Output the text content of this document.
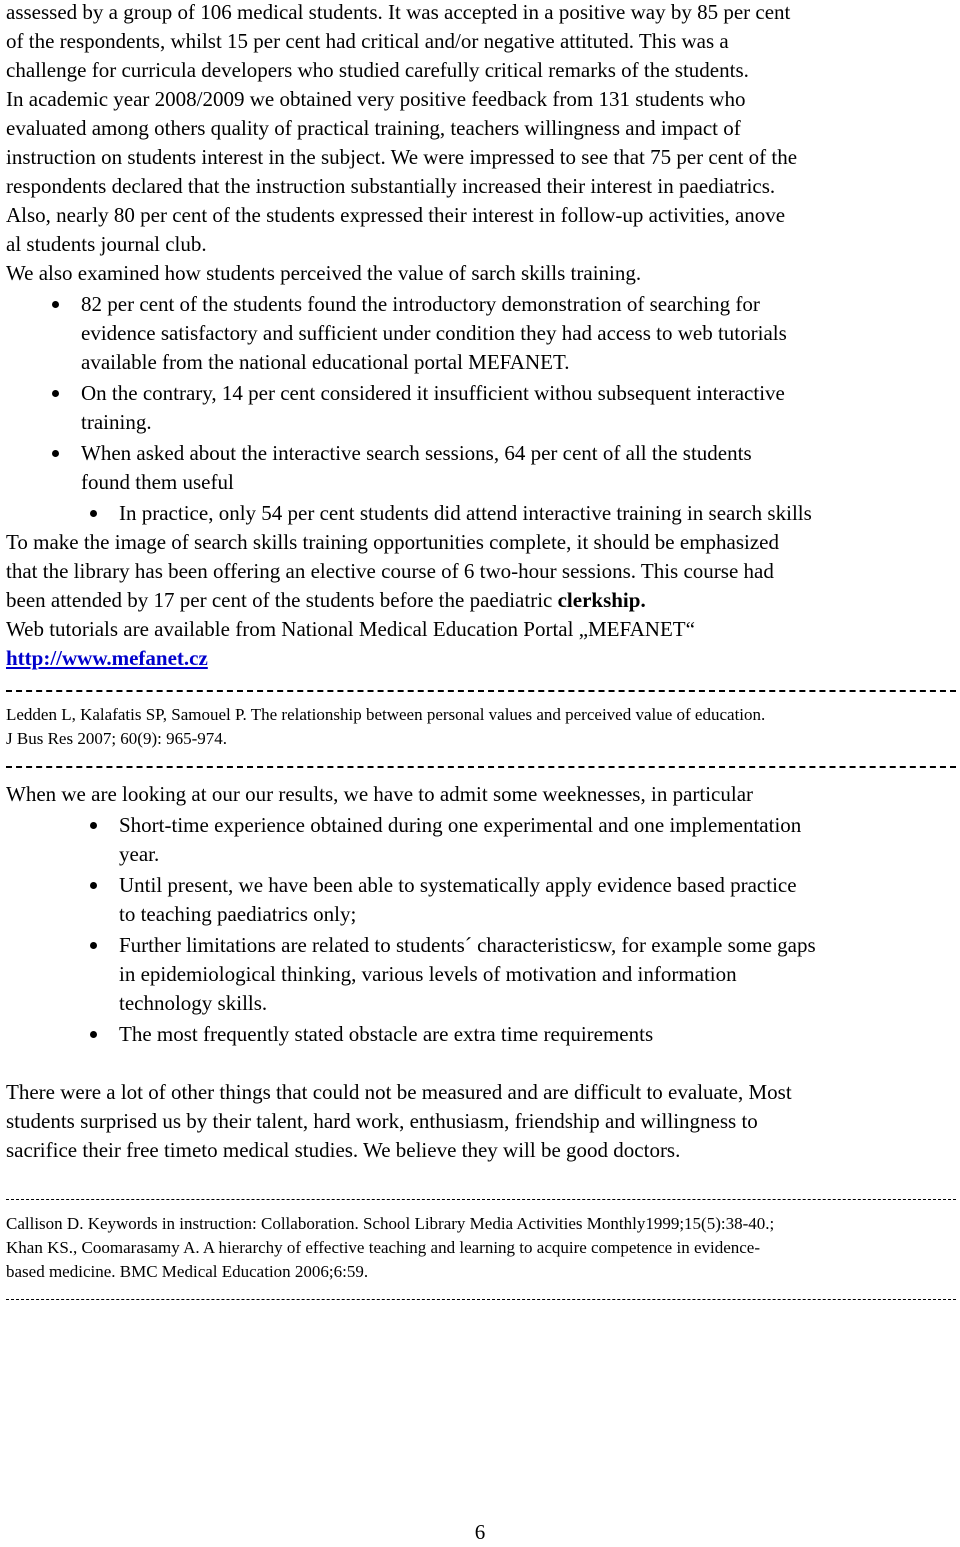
assessed by a group of 106 medical students. It was accepted in a positive way by 85 per cent
of the respondents, whilst 15 per cent had critical and/or negative attituted. This was a
challenge for curricula developers who studied carefully critical remarks of the students.
In academic year 2008/2009 we obtained very positive feedback from 131 students who
evaluated among others quality of practical training, teachers willingness and impact of
instruction on students interest in the subject. We were impressed to see that 75 per cent of the
respondents declared that the instruction substantially increased their interest in paediatrics.
Also, nearly 80 per cent of the students expressed their interest in follow-up activities, anove
al students journal club.
We also examined how students perceived the value of sarch skills training.
82 per cent of the students found the introductory demonstration of searching for
evidence satisfactory and sufficient under condition they had access to web tutorials
available from the national educational portal MEFANET.
On the contrary, 14 per cent considered it insufficient withou subsequent interactive
training.
When asked about the interactive search sessions, 64 per cent of all the students
found them useful
In practice, only 54 per cent students did attend interactive training in search skills
To make the image of search skills training opportunities complete, it should be emphasized
that the library has been offering an elective course of 6 two-hour sessions. This course had
been attended by 17 per cent of the students before the paediatric clerkship.
Web tutorials are available from National Medical Education Portal „MEFANET“
http://www.mefanet.cz
Ledden L, Kalafatis SP, Samouel P. The relationship between personal values and perceived value of education.
J Bus Res 2007; 60(9): 965-974.
When we are looking at our our results, we have to admit some weeknesses, in particular
Short-time experience obtained during one experimental and one implementation
year.
Until present, we have been able to systematically apply evidence based practice
to teaching paediatrics only;
Further limitations are related to students´ characteristicsw, for example some gaps
in epidemiological thinking, various levels of motivation and information
technology skills.
The most frequently stated obstacle are extra time requirements
There were a lot of other things that could not be measured and are difficult to evaluate, Most
students surprised us by their talent, hard work, enthusiasm, friendship and willingness to
sacrifice their free timeto medical studies. We believe they will be good doctors.
Callison D. Keywords in instruction: Collaboration. School Library Media Activities Monthly1999;15(5):38-40.;
Khan KS., Coomarasamy A. A hierarchy of effective teaching and learning to acquire competence in evidence-
based medicine. BMC Medical Education 2006;6:59.
6
